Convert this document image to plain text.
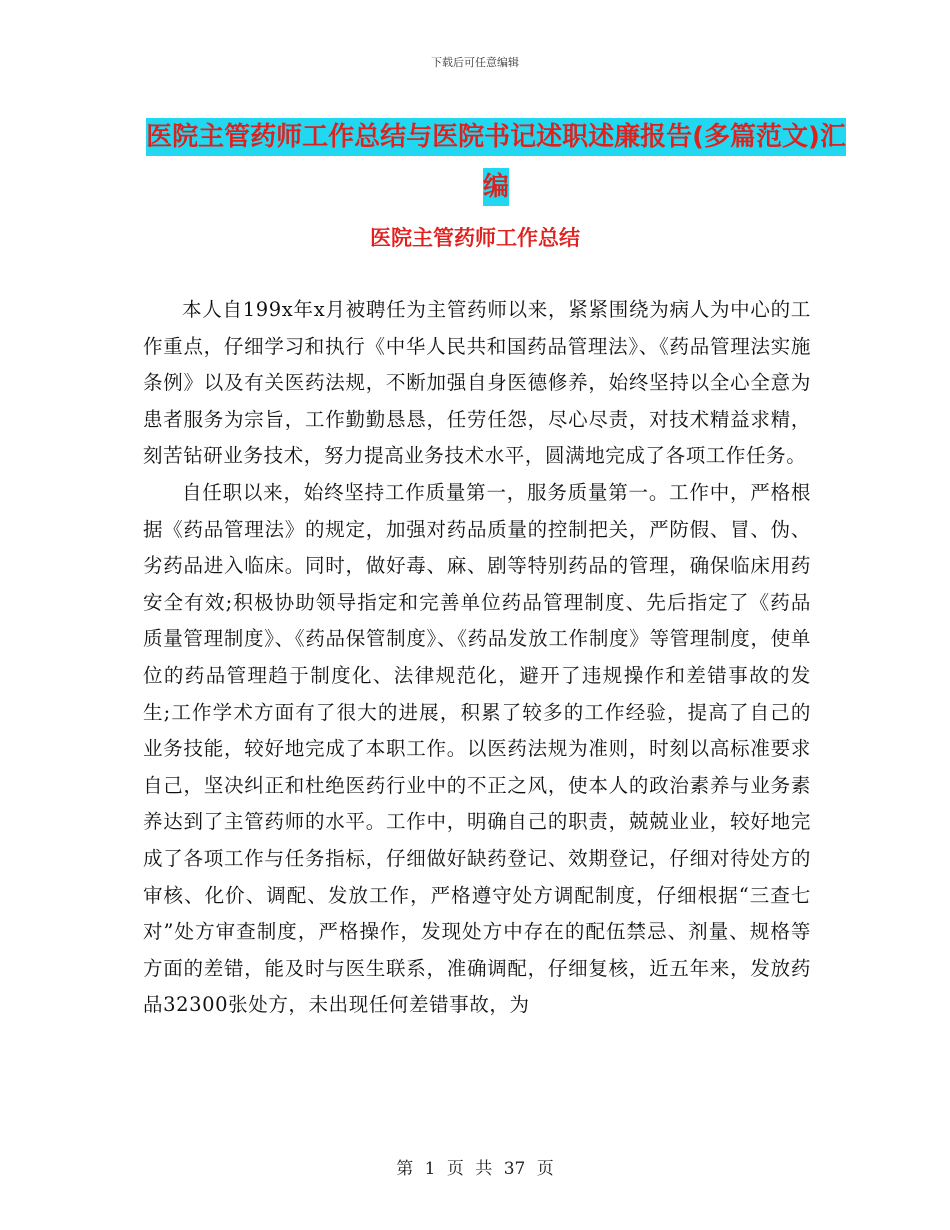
下载后可任意编辑
医院主管药师工作总结与医院书记述职述廉报告(多篇范文)汇编
医院主管药师工作总结

本人自199x年x月被聘任为主管药师以来，紧紧围绕为病人为中心的工作重点，仔细学习和执行《中华人民共和国药品管理法》、《药品管理法实施条例》以及有关医药法规，不断加强自身医德修养，始终坚持以全心全意为患者服务为宗旨，工作勤勤恳恳，任劳任怨，尽心尽责，对技术精益求精，刻苦钻研业务技术，努力提高业务技术水平，圆满地完成了各项工作任务。

自任职以来，始终坚持工作质量第一，服务质量第一。工作中，严格根据《药品管理法》的规定，加强对药品质量的控制把关，严防假、冒、伪、劣药品进入临床。同时，做好毒、麻、剧等特别药品的管理，确保临床用药安全有效;积极协助领导指定和完善单位药品管理制度、先后指定了《药品质量管理制度》、《药品保管制度》、《药品发放工作制度》等管理制度，使单位的药品管理趋于制度化、法律规范化，避开了违规操作和差错事故的发生;工作学术方面有了很大的进展，积累了较多的工作经验，提高了自己的业务技能，较好地完成了本职工作。以医药法规为准则，时刻以高标准要求自己，坚决纠正和杜绝医药行业中的不正之风，使本人的政治素养与业务素养达到了主管药师的水平。工作中，明确自己的职责，兢兢业业，较好地完成了各项工作与任务指标，仔细做好缺药登记、效期登记，仔细对待处方的审核、化价、调配、发放工作，严格遵守处方调配制度，仔细根据“三查七对”处方审查制度，严格操作，发现处方中存在的配伍禁忌、剂量、规格等方面的差错，能及时与医生联系，准确调配，仔细复核，近五年来，发放药品32300张处方，未出现任何差错事故，为

第 1 页 共 37 页
